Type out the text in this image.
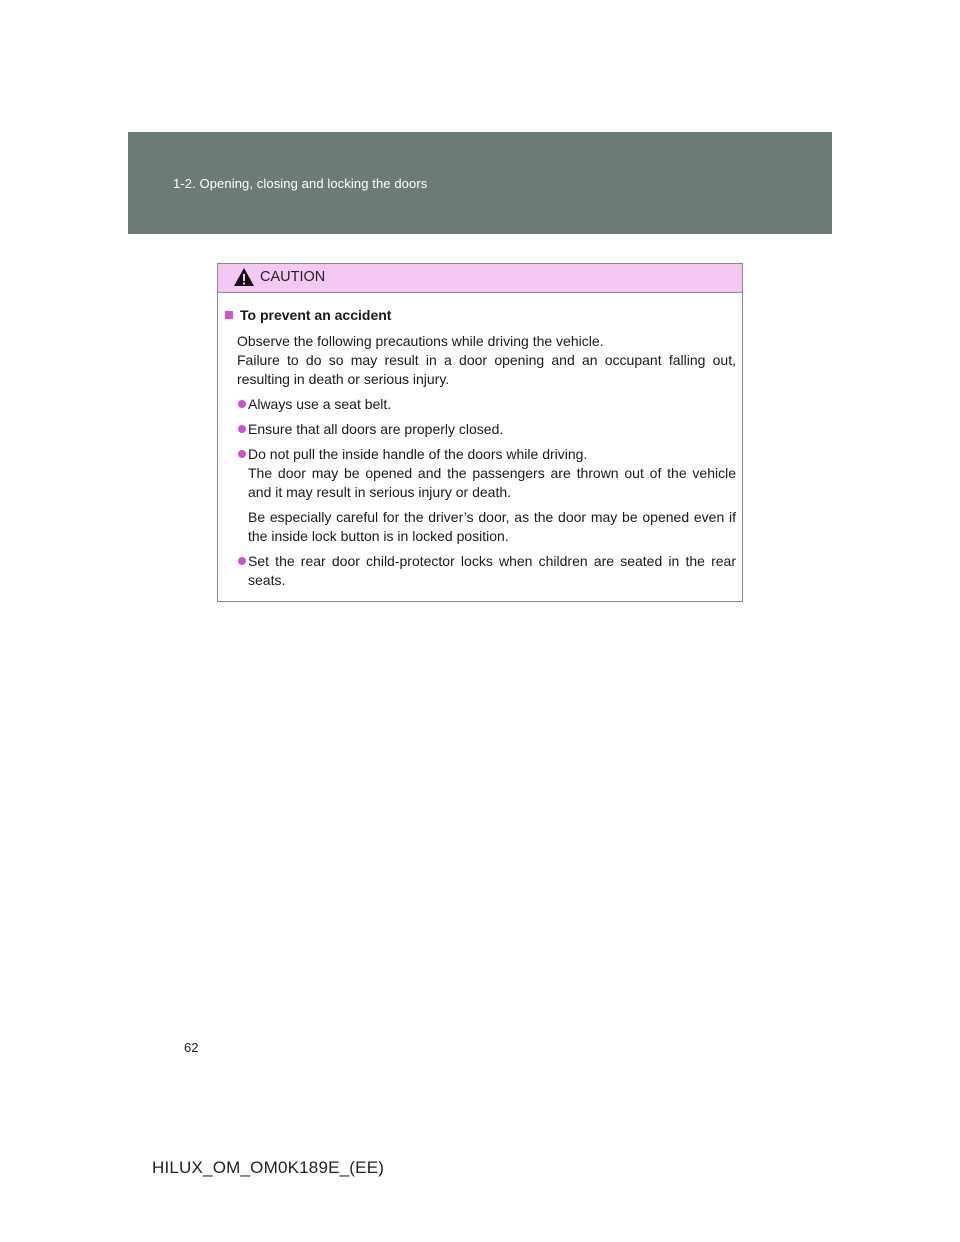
1-2. Opening, closing and locking the doors
CAUTION
To prevent an accident
Observe the following precautions while driving the vehicle.
Failure to do so may result in a door opening and an occupant falling out, resulting in death or serious injury.
Always use a seat belt.
Ensure that all doors are properly closed.
Do not pull the inside handle of the doors while driving.
The door may be opened and the passengers are thrown out of the vehicle and it may result in serious injury or death.
Be especially careful for the driver’s door, as the door may be opened even if the inside lock button is in locked position.
Set the rear door child-protector locks when children are seated in the rear seats.
62
HILUX_OM_OM0K189E_(EE)
